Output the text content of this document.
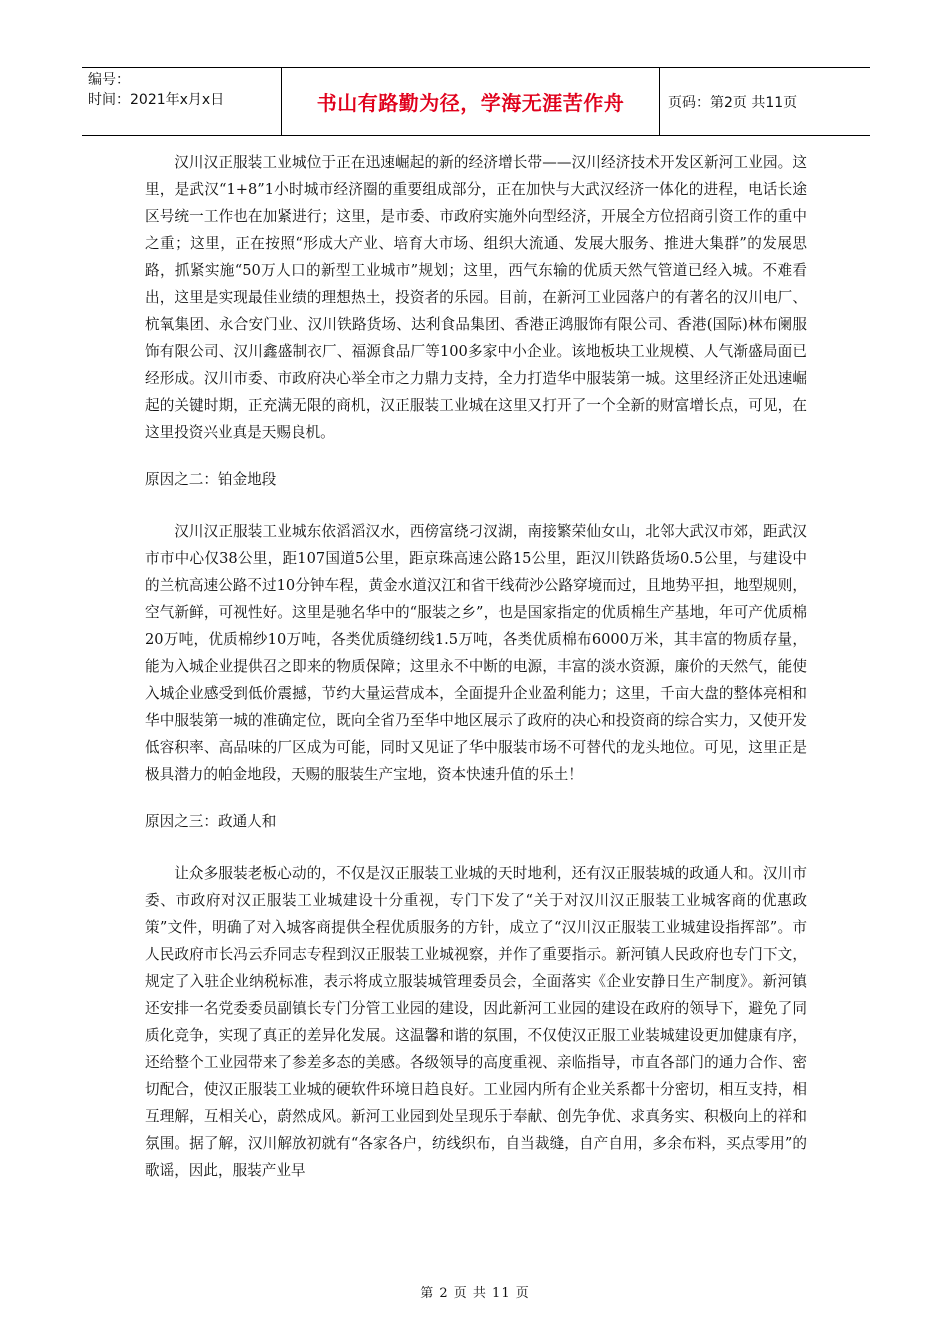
编号：
时间：2021年x月x日	书山有路勤为径，学海无涯苦作舟	页码：第2页 共11页

汉川汉正服装工业城位于正在迅速崛起的新的经济增长带——汉川经济技术开发区新河工业园。这里，是武汉“1+8”1小时城市经济圈的重要组成部分，正在加快与大武汉经济一体化的进程，电话长途区号统一工作也在加紧进行；这里，是市委、市政府实施外向型经济，开展全方位招商引资工作的重中之重；这里，正在按照“形成大产业、培育大市场、组织大流通、发展大服务、推进大集群”的发展思路，抓紧实施“50万人口的新型工业城市”规划；这里，西气东输的优质天然气管道已经入城。不难看出，这里是实现最佳业绩的理想热土，投资者的乐园。目前，在新河工业园落户的有著名的汉川电厂、杭氧集团、永合安门业、汉川铁路货场、达利食品集团、香港正鸿服饰有限公司、香港(国际)林布阑服饰有限公司、汉川鑫盛制衣厂、福源食品厂等100多家中小企业。该地板块工业规模、人气渐盛局面已经形成。汉川市委、市政府决心举全市之力鼎力支持，全力打造华中服装第一城。这里经济正处迅速崛起的关键时期，正充满无限的商机，汉正服装工业城在这里又打开了一个全新的财富增长点，可见，在这里投资兴业真是天赐良机。

原因之二：铂金地段

汉川汉正服装工业城东依滔滔汉水，西傍富绕刁汊湖，南接繁荣仙女山，北邻大武汉市郊，距武汉市市中心仅38公里，距107国道5公里，距京珠高速公路15公里，距汉川铁路货场0.5公里，与建设中的兰杭高速公路不过10分钟车程，黄金水道汉江和省干线荷沙公路穿境而过，且地势平担，地型规则，空气新鲜，可视性好。这里是驰名华中的“服装之乡”，也是国家指定的优质棉生产基地，年可产优质棉20万吨，优质棉纱10万吨，各类优质缝纫线1.5万吨，各类优质棉布6000万米，其丰富的物质存量，能为入城企业提供召之即来的物质保障；这里永不中断的电源，丰富的淡水资源，廉价的天然气，能使入城企业感受到低价震撼，节约大量运营成本，全面提升企业盈利能力；这里，千亩大盘的整体亮相和华中服装第一城的准确定位，既向全省乃至华中地区展示了政府的决心和投资商的综合实力，又使开发低容积率、高品味的厂区成为可能，同时又见证了华中服装市场不可替代的龙头地位。可见，这里正是极具潜力的帕金地段，天赐的服装生产宝地，资本快速升值的乐土！

原因之三：政通人和

让众多服装老板心动的，不仅是汉正服装工业城的天时地利，还有汉正服装城的政通人和。汉川市委、市政府对汉正服装工业城建设十分重视，专门下发了“关于对汉川汉正服装工业城客商的优惠政策”文件，明确了对入城客商提供全程优质服务的方针，成立了“汉川汉正服装工业城建设指挥部”。市人民政府市长冯云乔同志专程到汉正服装工业城视察，并作了重要指示。新河镇人民政府也专门下文，规定了入驻企业纳税标准，表示将成立服装城管理委员会，全面落实《企业安静日生产制度》。新河镇还安排一名党委委员副镇长专门分管工业园的建设，因此新河工业园的建设在政府的领导下，避免了同质化竞争，实现了真正的差异化发展。这温馨和谐的氛围，不仅使汉正服工业装城建设更加健康有序，还给整个工业园带来了参差多态的美感。各级领导的高度重视、亲临指导，市直各部门的通力合作、密切配合，使汉正服装工业城的硬软件环境日趋良好。工业园内所有企业关系都十分密切，相互支持，相互理解，互相关心，蔚然成风。新河工业园到处呈现乐于奉献、创先争优、求真务实、积极向上的祥和氛围。据了解，汉川解放初就有“各家各户，纺线织布，自当裁缝，自产自用，多余布料，买点零用”的歌谣，因此，服装产业早

第 2 页 共 11 页
